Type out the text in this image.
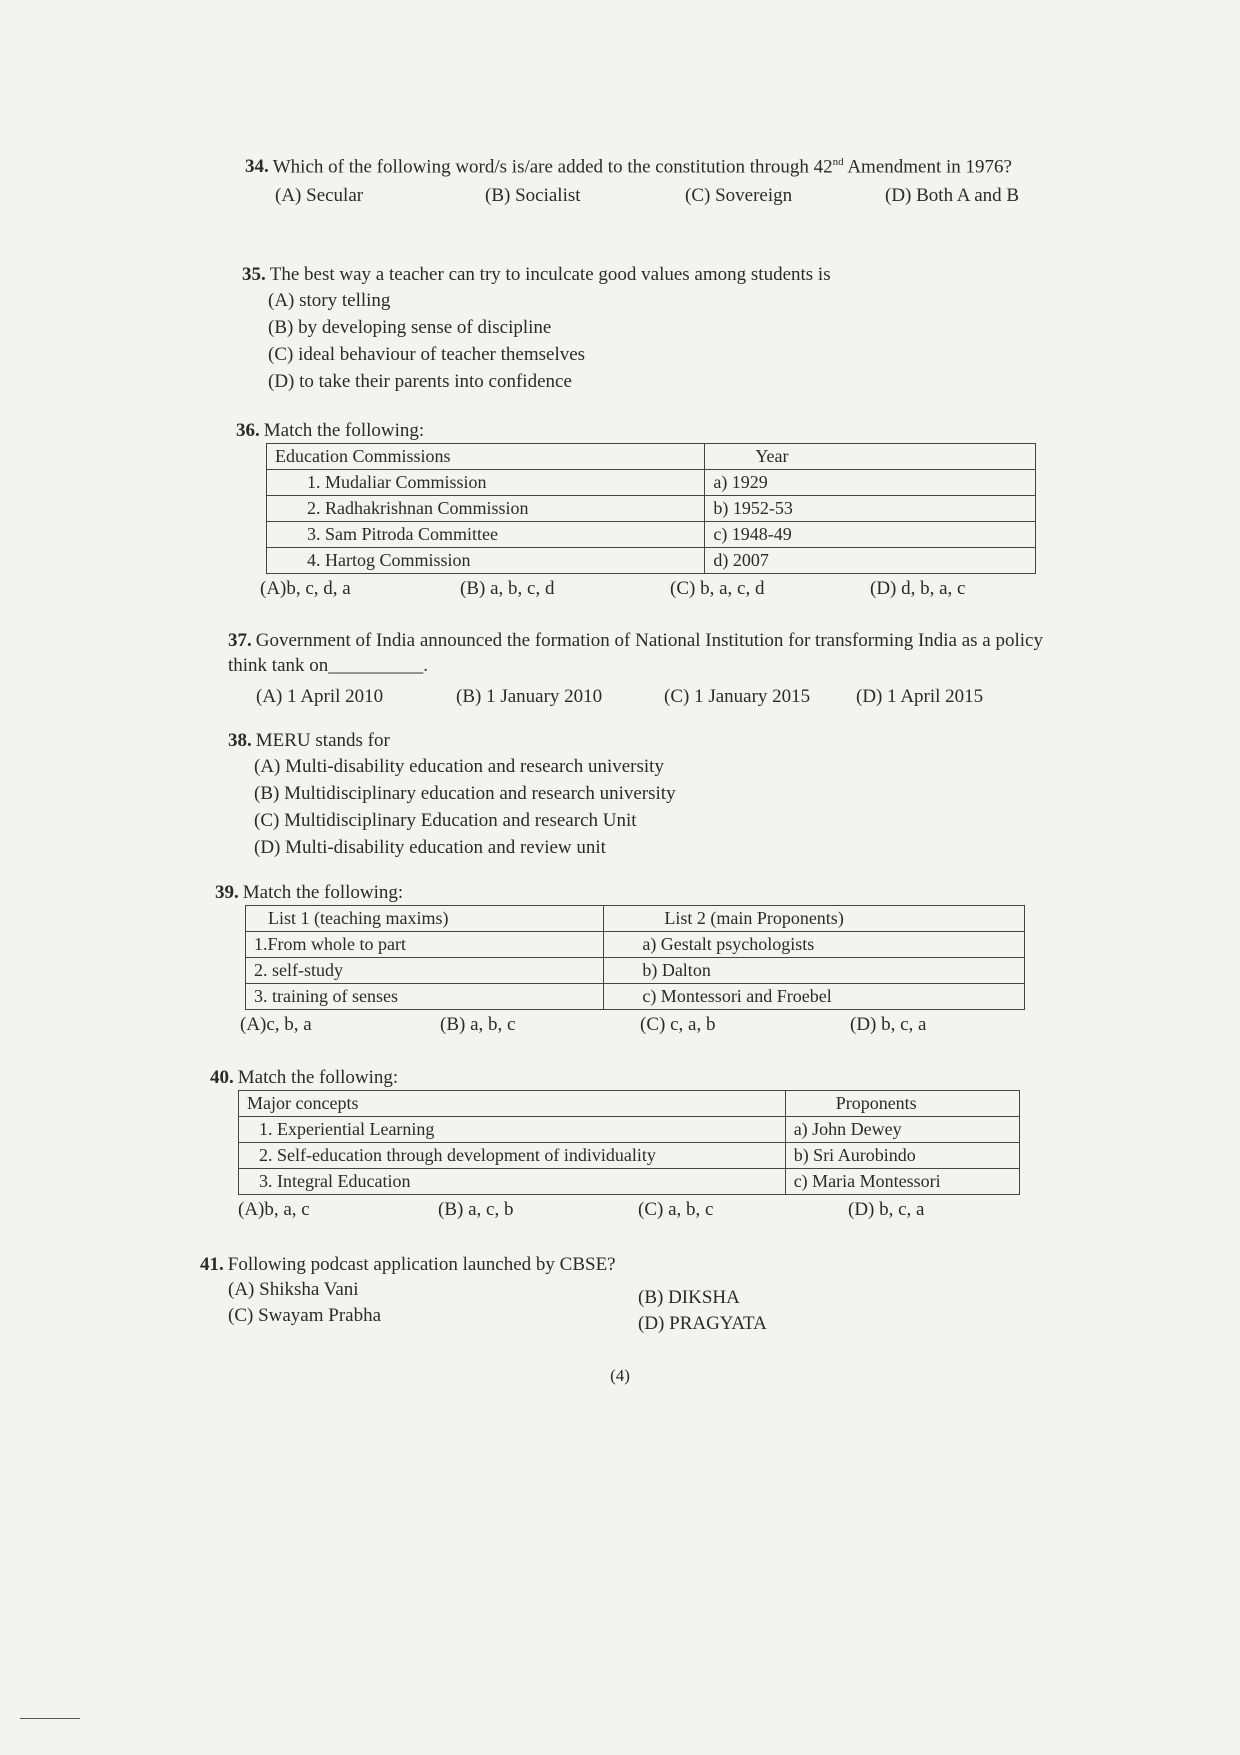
34. Which of the following word/s is/are added to the constitution through 42nd Amendment in 1976?
(A) Secular	(B) Socialist	(C) Sovereign	(D) Both A and B
35. The best way a teacher can try to inculcate good values among students is
(A) story telling
(B) by developing sense of discipline
(C) ideal behaviour of teacher themselves
(D) to take their parents into confidence
36. Match the following:
Education Commissions	Year
1. Mudaliar Commission	a) 1929
2. Radhakrishnan Commission	b) 1952-53
3. Sam Pitroda Committee	c) 1948-49
4. Hartog Commission	d) 2007
(A)b, c, d, a	(B) a, b, c, d	(C) b, a, c, d	(D) d, b, a, c
37. Government of India announced the formation of National Institution for transforming India as a policy think tank on__________.
(A) 1 April 2010	(B) 1 January 2010	(C) 1 January 2015 (D) 1 April 2015
38. MERU stands for
(A) Multi-disability education and research university
(B) Multidisciplinary education and research university
(C) Multidisciplinary Education and research Unit
(D) Multi-disability education and review unit
39. Match the following:
List 1 (teaching maxims)	List 2 (main Proponents)
1.From whole to part	a) Gestalt psychologists
2. self-study	b) Dalton
3. training of senses	c) Montessori and Froebel
(A)c, b, a	(B) a, b, c	(C) c, a, b	(D) b, c, a
40. Match the following:
Major concepts	Proponents
1. Experiential Learning	a) John Dewey
2. Self-education through development of individuality	b) Sri Aurobindo
3. Integral Education	c) Maria Montessori
(A)b, a, c	(B) a, c, b	(C) a, b, c	(D) b, c, a
41. Following podcast application launched by CBSE?
(A) Shiksha Vani	(B) DIKSHA
(C) Swayam Prabha	(D) PRAGYATA
(4)
